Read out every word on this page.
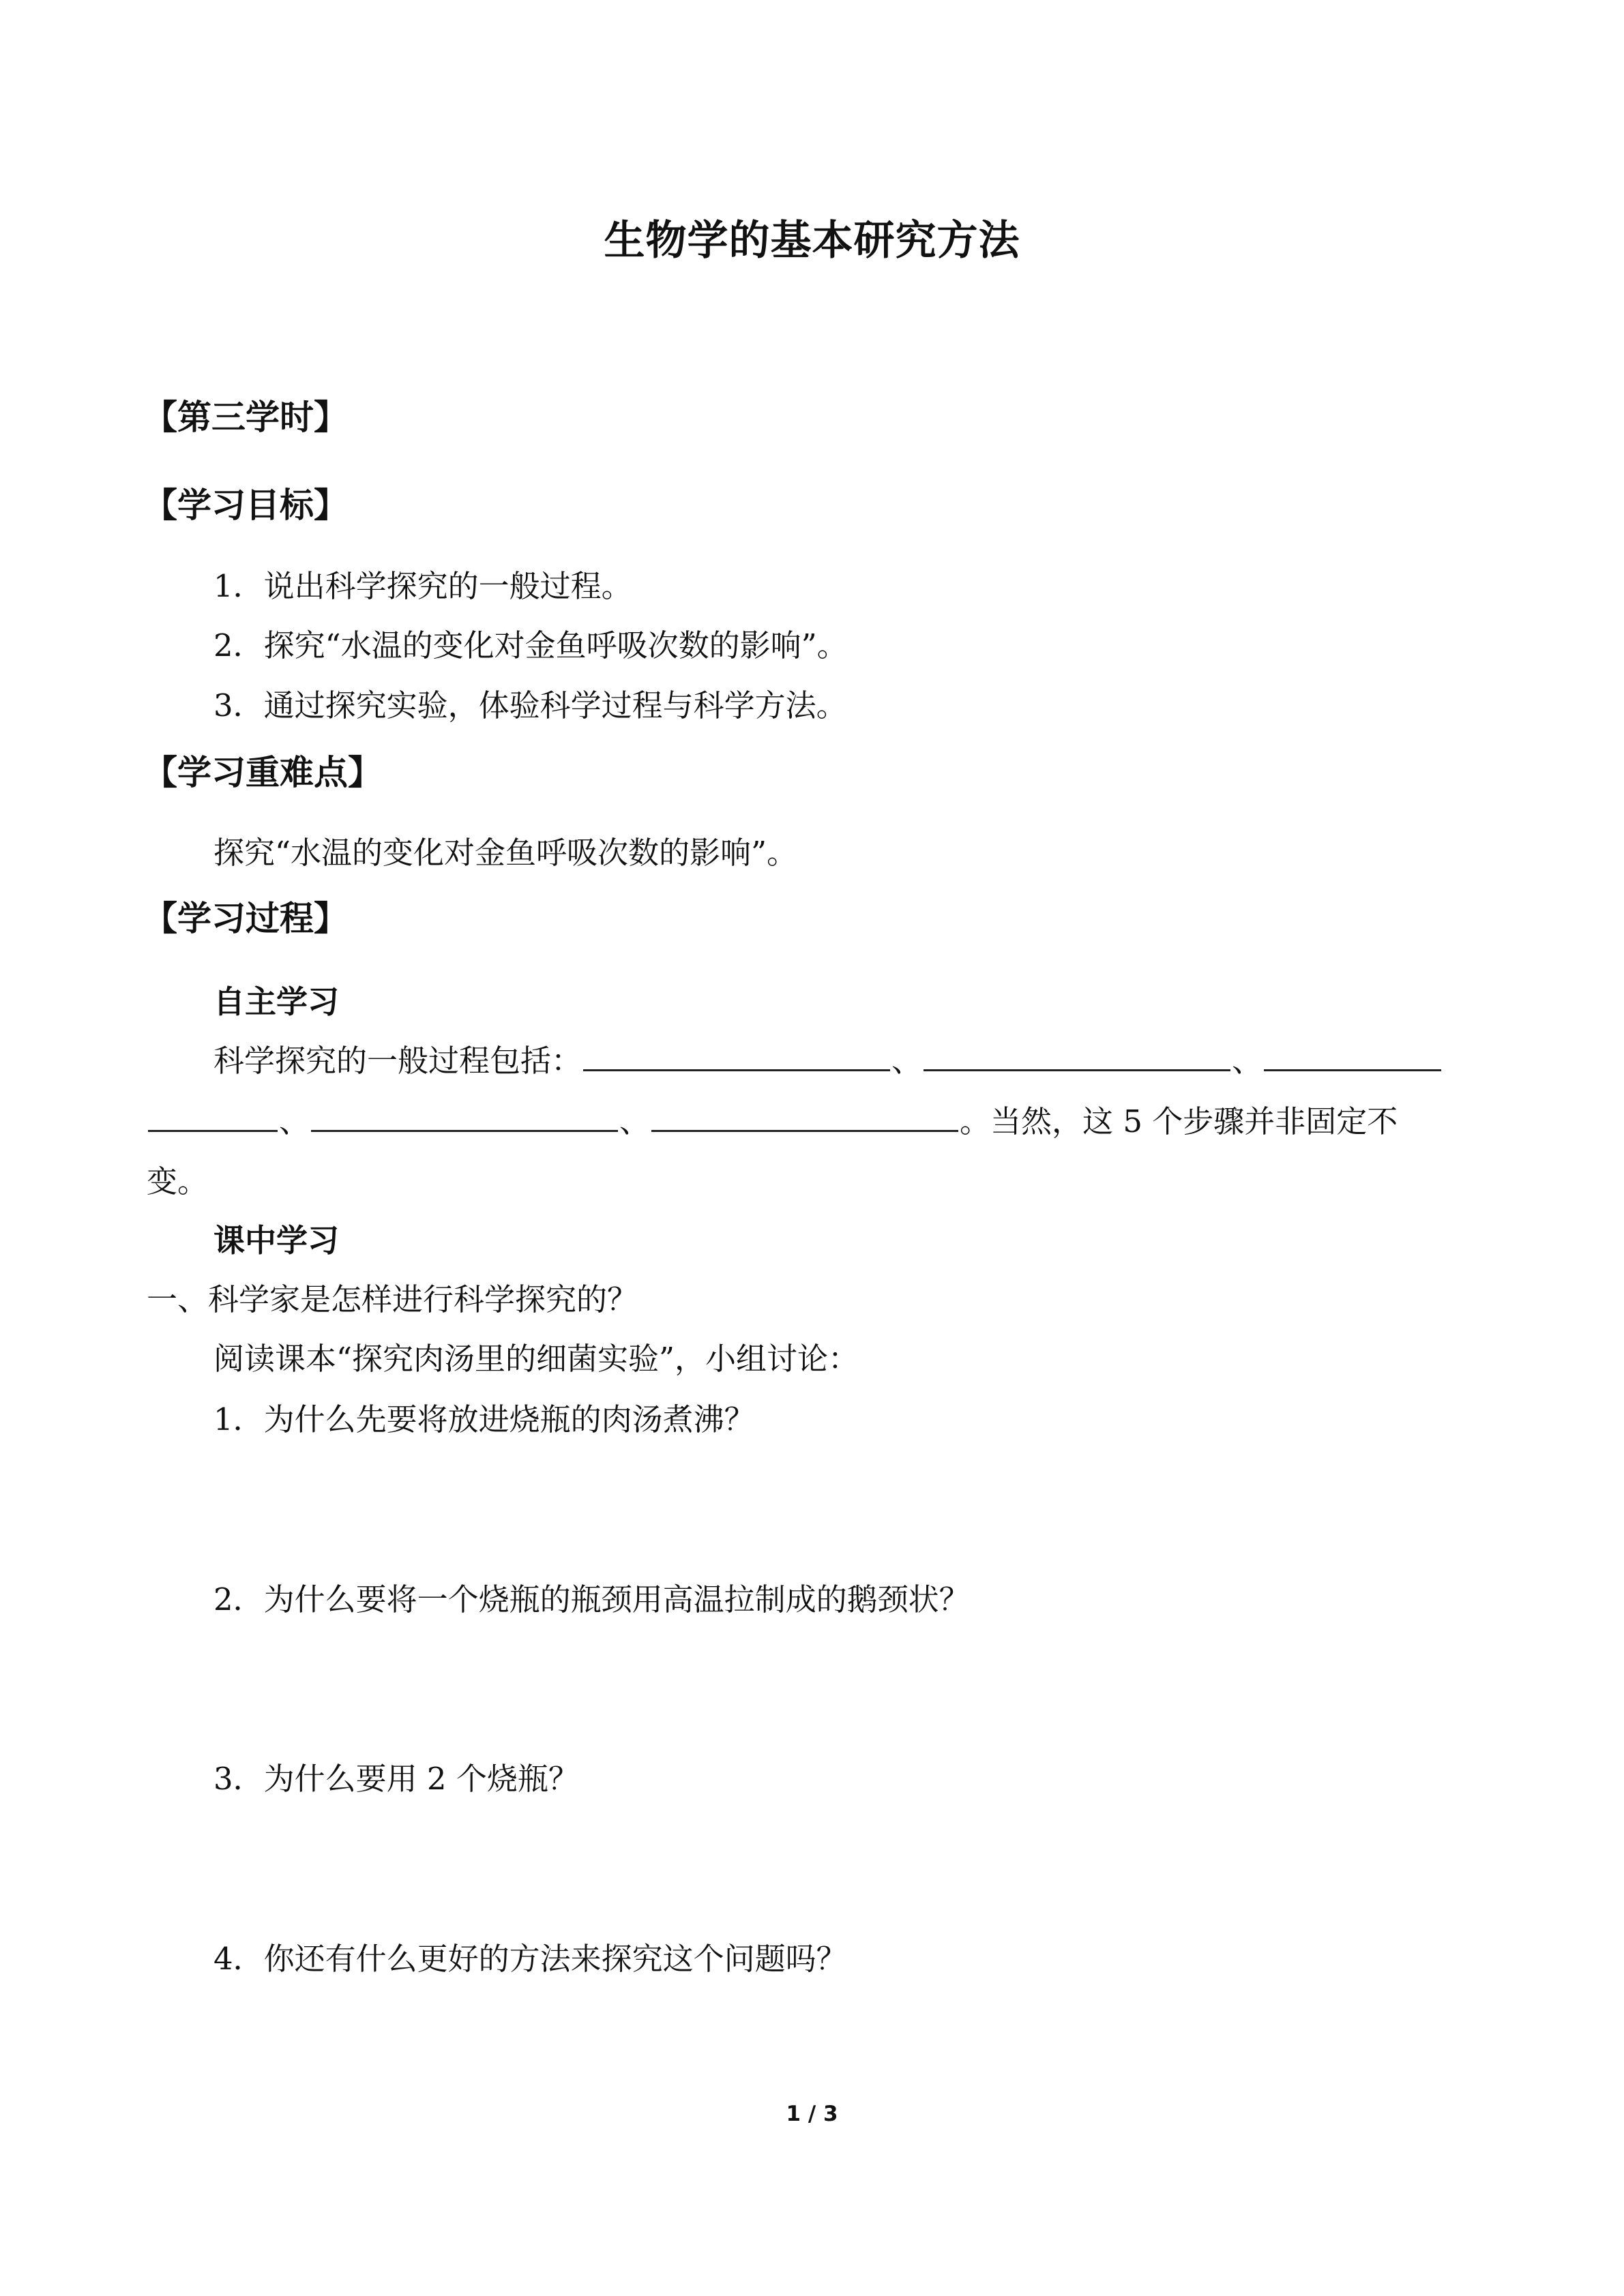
生物学的基本研究方法
【第三学时】
【学习目标】
1．说出科学探究的一般过程。
2．探究“水温的变化对金鱼呼吸次数的影响”。
3．通过探究实验，体验科学过程与科学方法。
【学习重难点】
探究“水温的变化对金鱼呼吸次数的影响”。
【学习过程】
自主学习
科学探究的一般过程包括：	、	、
、	、	。当然，这 5 个步骤并非固定不
变。
课中学习
一、科学家是怎样进行科学探究的？
阅读课本“探究肉汤里的细菌实验”，小组讨论：
1．为什么先要将放进烧瓶的肉汤煮沸？
2．为什么要将一个烧瓶的瓶颈用高温拉制成的鹅颈状？
3．为什么要用 2 个烧瓶？
4．你还有什么更好的方法来探究这个问题吗？
1 / 3
